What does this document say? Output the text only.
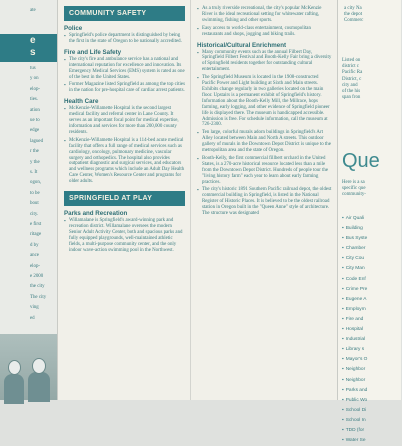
e
s
ate
tus
y on
elop-
ties.
ation
ue to
edge
lagued
r the
y the
s. It
ogon,
to be
bout
city.
e first
ritage
d by
ance
elop-
e 2000
the city
The city
ving
ed
COMMUNITY SAFETY
Police
▪ Springfield's police department is distinguished by being the first in the state of Oregon to be nationally accredited.
Fire and Life Safety
▪ The city's fire and ambulance service has a national and international reputation for excellence and innovation. Its Emergency Medical Services (EMS) system is rated as one of the best in the United States.
▪ Former Magazine listed Springfield as among the top cities in the nation for pre-hospital care of cardiac arrest patients.
Health Care
▪ McKenzie-Willamette Hospital is the second largest medical facility and referral center in Lane County. It serves as an important focal point for medical expertise, information and services for more than 200,000 county residents.
▪ McKenzie-Willamette Hospital is a 114-bed acute medical facility that offers a full range of medical services such as cardiology, oncology, pulmonary medicine, vascular surgery and orthopedics. The hospital also provides outpatient diagnostic and surgical services, and educators and wellness programs which include an Adult Day Health Care Center, Women's Resource Center and programs for older adults.
SPRINGFIELD AT PLAY
Parks and Recreation
▪ Willamalane is Springfield's award-winning park and recreation district. Willamalane oversees the modern Senior Adult Activity Center, both and spacious parks and fully equipped playgrounds, well-maintained athletic fields, a multi-purpose community center, and the only indoor wave-action swimming pool in the Northwest.
▪ As a truly riverside recreational, the city's popular McKenzie River is the ideal recreational setting for whitewater rafting, swimming, fishing and other sports.
▪ Easy access to world-class entertainment, cosmopolitan restaurants and shops, jogging and biking trails.
Historical/Cultural Enrichment
▪ Many community events such as the annual Filbert Day, Springfield Filbert Festival and Booth-Kelly Fair bring a diversity of Springfield residents together for outstanding cultural entertainment.
▪ The Springfield Museum is located in the 1908-constructed Pacific Power and Light building at Sixth and Main streets. Exhibits change regularly in two galleries located on the main floor. Upstairs is a permanent exhibit of Springfield's history. Information about the Booth-Kelly Mill, the Millrace, hops farming, early logging, and other evidence of Springfield pioneer life is displayed there. The museum is handicapped accessible. Admission is free. For schedule information, call the museum at 726-2300.
▪ Ten large, colorful murals adorn buildings in Springfield's Art Alley located between Main and North A streets. This outdoor gallery of murals in the Downtown Depot District is unique to the metropolitan area and the state of Oregon.
▪ Booth-Kelly, the first commercial fillbert orchard in the United States, is a 270-acre historical resource located less than a mile from the Downtown Depot District. Hundreds of people tour the "living history farm" each year to learn about early farming practices.
▪ The city's historic 1891 Southern Pacific railroad depot, the oldest commercial building in Springfield, is listed in the National Register of Historic Places. It is believed to be the oldest railroad station in Oregon built in the "Queen Anne" style of architecture. The structure was designated
a city Na
the depot
Commerc
Listed on
district c
Pacific Ra
District, c
city and
of the his
span fron
Que
Here is a sa
specific que
community-
▪ Air Quali
▪ Building
▪ Bus Syste
▪ Chamber
▪ City Cou
▪ City Man
▪ Code Enf
▪ Crime Pre
▪ Eugene A
▪ Employm
▪ Fire and
▪ Hospital
▪ Industrial
▪ Library s
▪ Mayor's O
▪ Neighbor
▪ Neighbor
▪ Parks and
▪ Public Wo
▪ School Di
▪ School In
▪ TDD (for
▪ Water Se
